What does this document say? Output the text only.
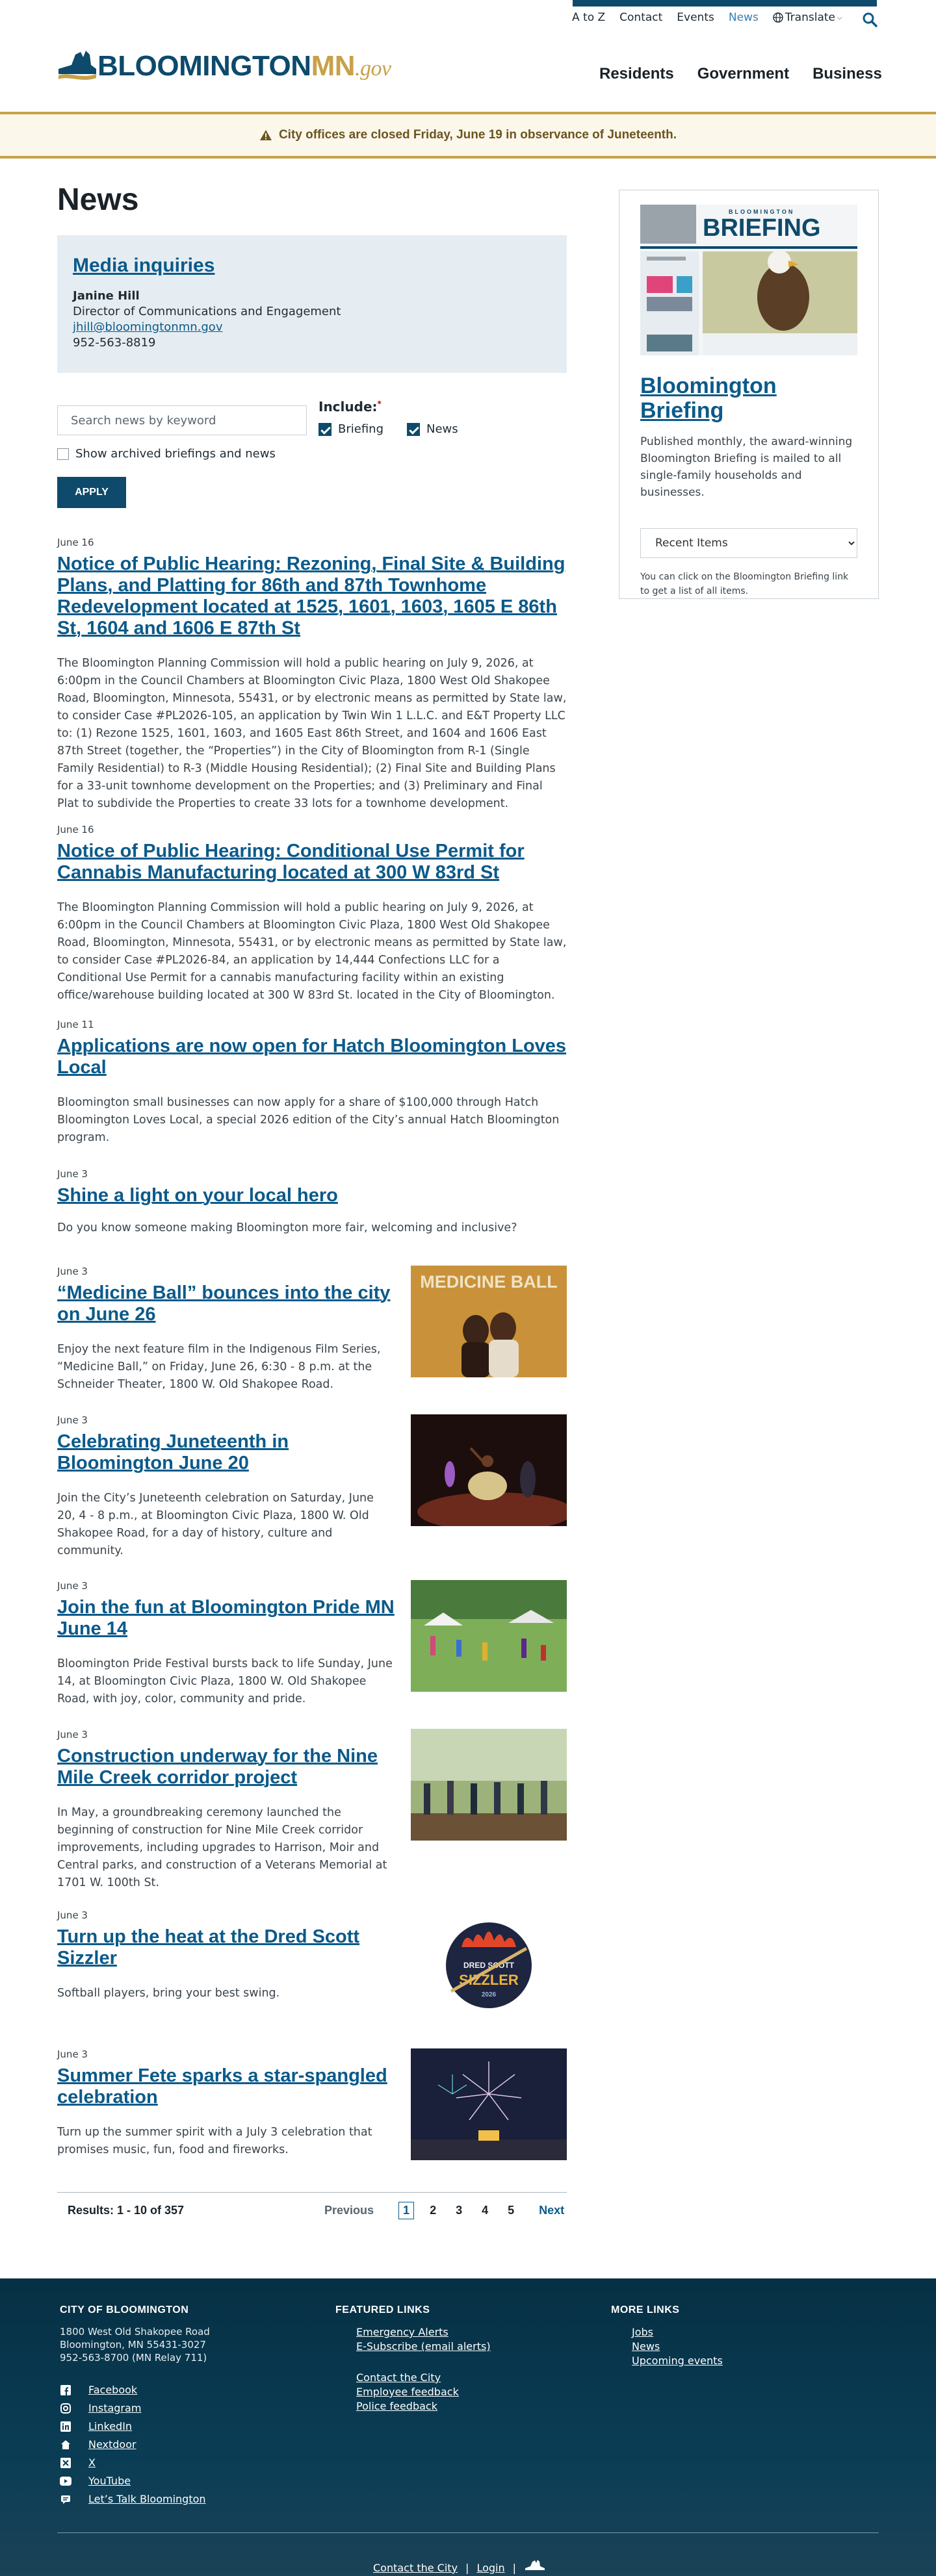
A to Z Contact Events News Translate ⌵
BLOOMINGTONMN.gov	Residents Government Business
City offices are closed Friday, June 19 in observance of Juneteenth.
News
Media inquiries

Janine Hill

Director of Communications and Engagement

jhill@bloomingtonmn.gov

952-563-8819

Search news by keyword
Include:*
Briefing	News
Show archived briefings and news
APPLY
June 16
Notice of Public Hearing: Rezoning, Final Site & Building Plans, and Platting for 86th and 87th Townhome Redevelopment located at 1525, 1601, 1603, 1605 E 86th St, 1604 and 1606 E 87th St

The Bloomington Planning Commission will hold a public hearing on July 9, 2026, at 6:00pm in the Council Chambers at Bloomington Civic Plaza, 1800 West Old Shakopee Road, Bloomington, Minnesota, 55431, or by electronic means as permitted by State law, to consider Case #PL2026-105, an application by Twin Win 1 L.L.C. and E&T Property LLC to: (1) Rezone 1525, 1601, 1603, and 1605 East 86th Street, and 1604 and 1606 East 87th Street (together, the “Properties”) in the City of Bloomington from R-1 (Single Family Residential) to R-3 (Middle Housing Residential); (2) Final Site and Building Plans for a 33-unit townhome development on the Properties; and (3) Preliminary and Final Plat to subdivide the Properties to create 33 lots for a townhome development.

June 16
Notice of Public Hearing: Conditional Use Permit for Cannabis Manufacturing located at 300 W 83rd St

The Bloomington Planning Commission will hold a public hearing on July 9, 2026, at 6:00pm in the Council Chambers at Bloomington Civic Plaza, 1800 West Old Shakopee Road, Bloomington, Minnesota, 55431, or by electronic means as permitted by State law, to consider Case #PL2026-84, an application by 14,444 Confections LLC for a Conditional Use Permit for a cannabis manufacturing facility within an existing office/warehouse building located at 300 W 83rd St. located in the City of Bloomington.

June 11
Applications are now open for Hatch Bloomington Loves Local

Bloomington small businesses can now apply for a share of $100,000 through Hatch Bloomington Loves Local, a special 2026 edition of the City’s annual Hatch Bloomington program.

June 3
Shine a light on your local hero

Do you know someone making Bloomington more fair, welcoming and inclusive?

June 3
“Medicine Ball” bounces into the city on June 26

Enjoy the next feature film in the Indigenous Film Series, “Medicine Ball,” on Friday, June 26, 6:30 - 8 p.m. at the Schneider Theater, 1800 W. Old Shakopee Road.

MEDICINE BALL
June 3
Celebrating Juneteenth in Bloomington June 20

Join the City’s Juneteenth celebration on Saturday, June 20, 4 - 8 p.m., at Bloomington Civic Plaza, 1800 W. Old Shakopee Road, for a day of history, culture and community.

June 3
Join the fun at Bloomington Pride MN June 14

Bloomington Pride Festival bursts back to life Sunday, June 14, at Bloomington Civic Plaza, 1800 W. Old Shakopee Road, with joy, color, community and pride.

June 3
Construction underway for the Nine Mile Creek corridor project

In May, a groundbreaking ceremony launched the beginning of construction for Nine Mile Creek corridor improvements, including upgrades to Harrison, Moir and Central parks, and construction of a Veterans Memorial at 1701 W. 100th St.

June 3
Turn up the heat at the Dred Scott Sizzler

Softball players, bring your best swing.

DRED SCOTT
SIZZLER
2026
June 3
Summer Fete sparks a star-spangled celebration

Turn up the summer spirit with a July 3 celebration that promises music, fun, food and fireworks.

Results: 1 - 10 of 357	Previous	1	2	3	4	5	Next
BLOOMINGTON
BRIEFING
Bloomington Briefing

Published monthly, the award-winning Bloomington Briefing is mailed to all single-family households and businesses.

Recent Items

You can click on the Bloomington Briefing link to get a list of all items.

CITY OF BLOOMINGTON
1800 West Old Shakopee Road
Bloomington, MN 55431-3027
952-563-8700 (MN Relay 711)
Facebook
Instagram
LinkedIn
Nextdoor
X
YouTube
Let’s Talk Bloomington
FEATURED LINKS
Emergency Alerts
E-Subscribe (email alerts)
Contact the City
Employee feedback
Police feedback
MORE LINKS
Jobs
News
Upcoming events
Contact the City | Login |
